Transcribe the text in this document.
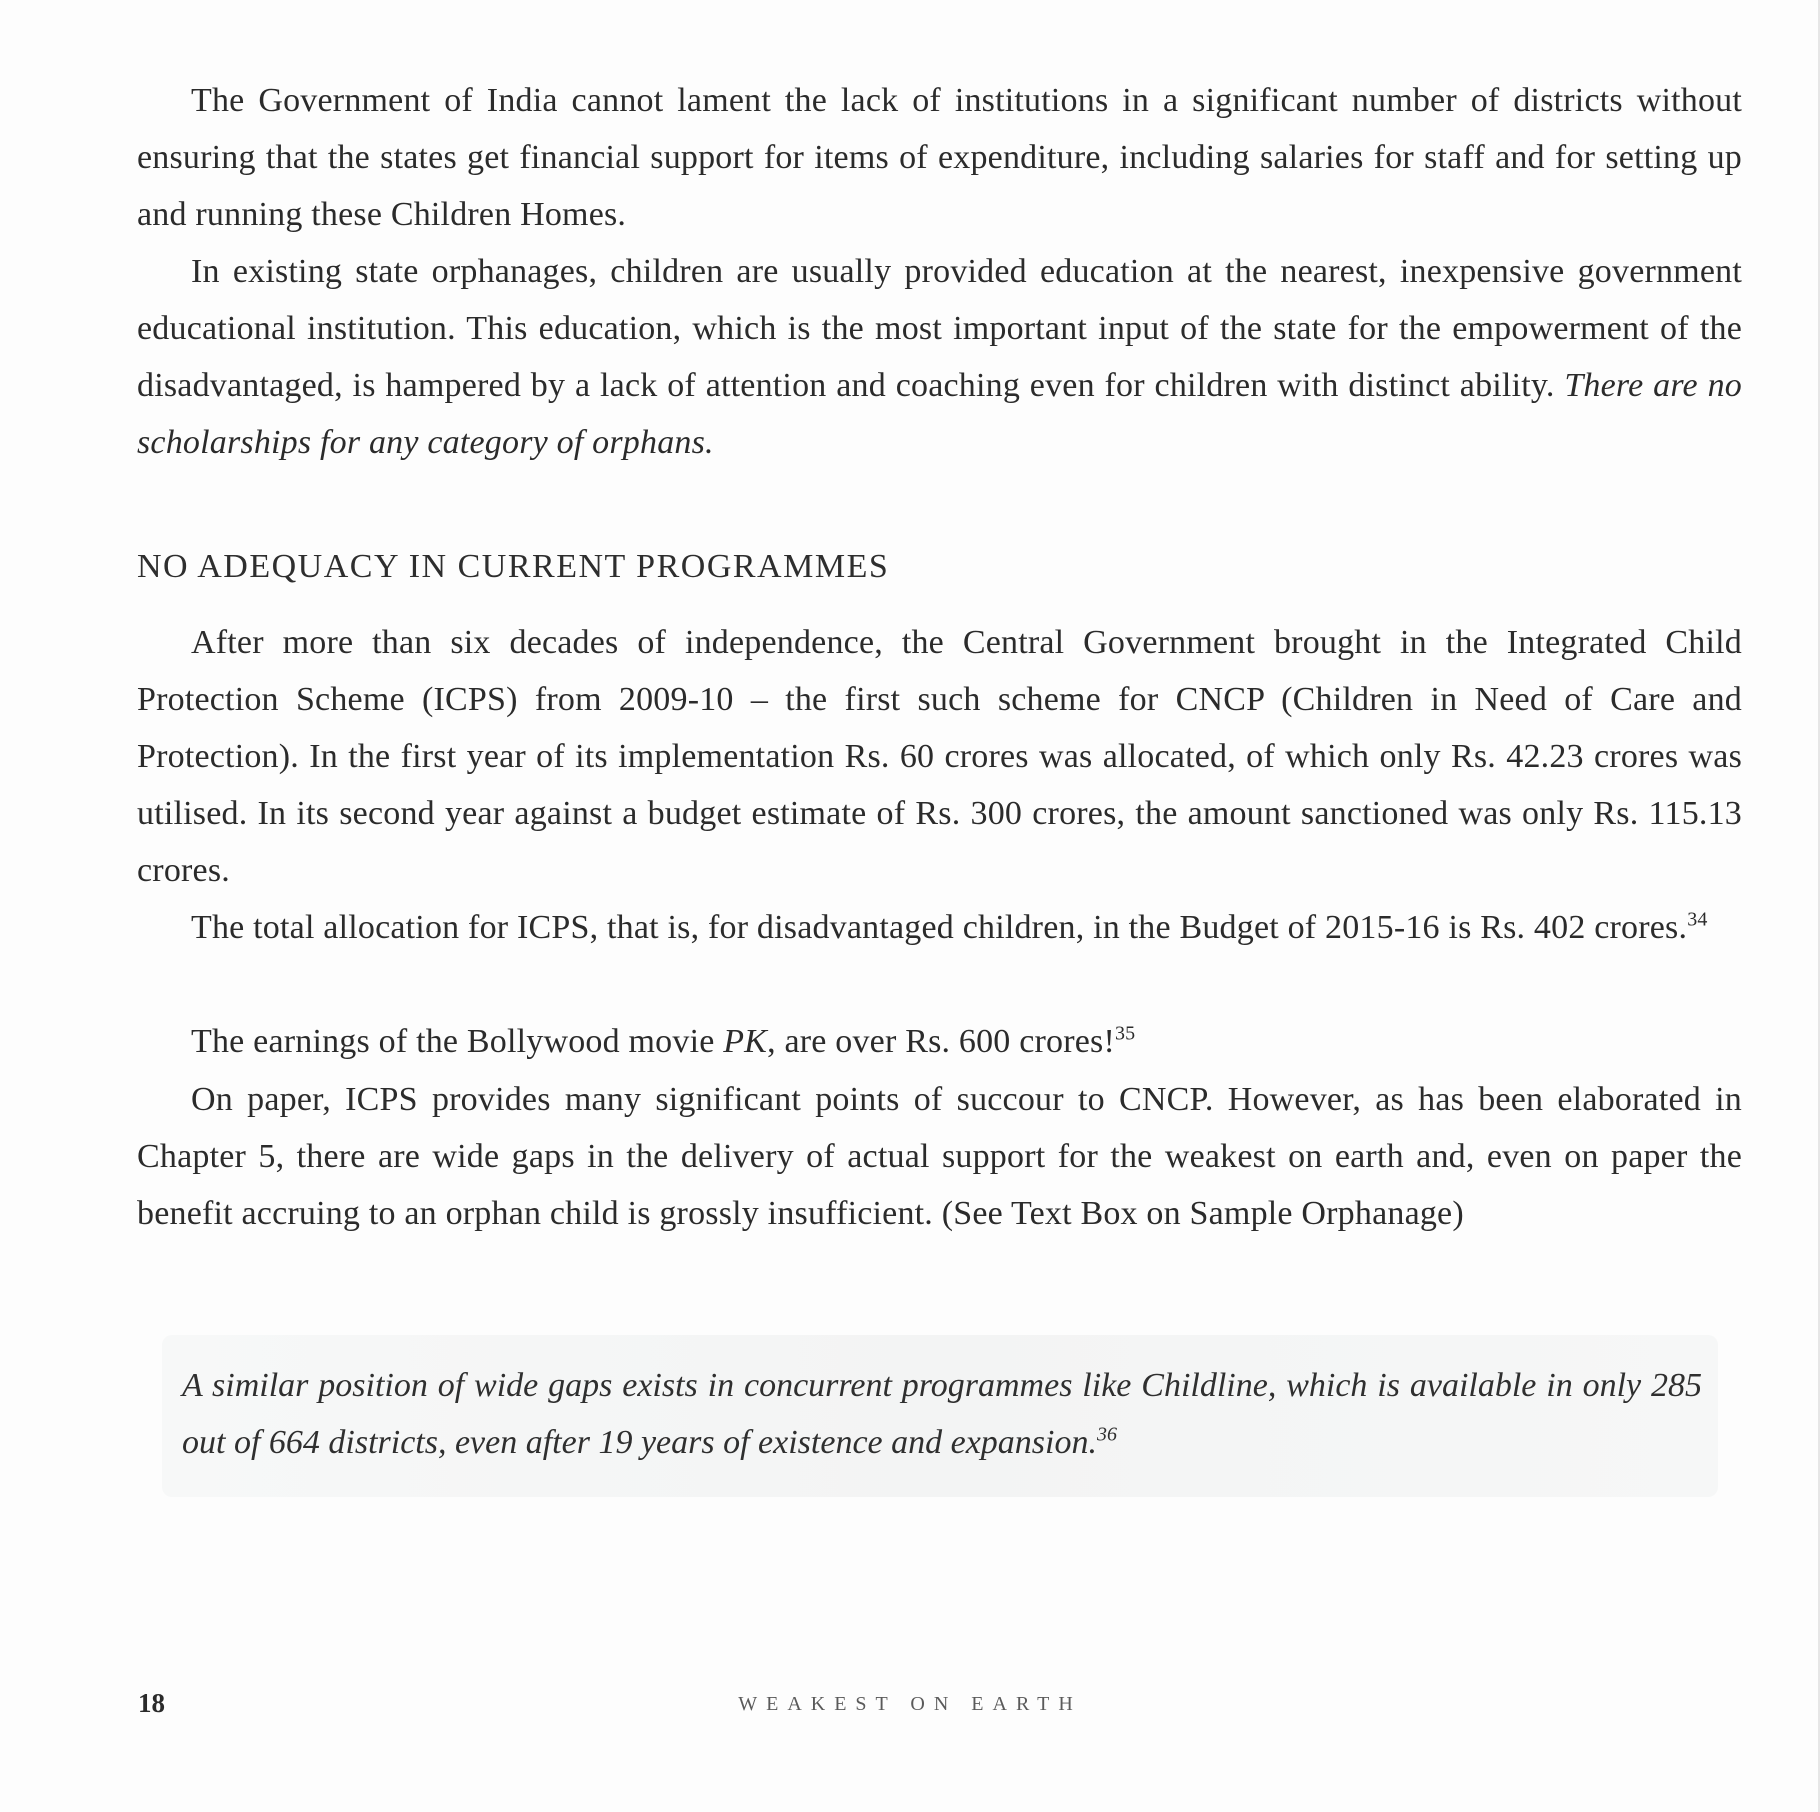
The Government of India cannot lament the lack of institutions in a significant number of districts without ensuring that the states get financial support for items of expenditure, including salaries for staff and for setting up and running these Children Homes.

In existing state orphanages, children are usually provided education at the nearest, inexpensive government educational institution. This education, which is the most important input of the state for the empowerment of the disadvantaged, is hampered by a lack of attention and coaching even for children with distinct ability. There are no scholarships for any category of orphans.

NO ADEQUACY IN CURRENT PROGRAMMES

After more than six decades of independence, the Central Government brought in the Integrated Child Protection Scheme (ICPS) from 2009-10 – the first such scheme for CNCP (Children in Need of Care and Protection). In the first year of its implementation Rs. 60 crores was allocated, of which only Rs. 42.23 crores was utilised. In its second year against a budget estimate of Rs. 300 crores, the amount sanctioned was only Rs. 115.13 crores.

The total allocation for ICPS, that is, for disadvantaged children, in the Budget of 2015-16 is Rs. 402 crores.$^{34}$

The earnings of the Bollywood movie PK, are over Rs. 600 crores!$^{35}$

On paper, ICPS provides many significant points of succour to CNCP. However, as has been elaborated in Chapter 5, there are wide gaps in the delivery of actual support for the weakest on earth and, even on paper the benefit accruing to an orphan child is grossly insufficient. (See Text Box on Sample Orphanage)

A similar position of wide gaps exists in concurrent programmes like Childline, which is available in only 285 out of 664 districts, even after 19 years of existence and expansion.$^{36}$

18	WEAKEST ON EARTH
